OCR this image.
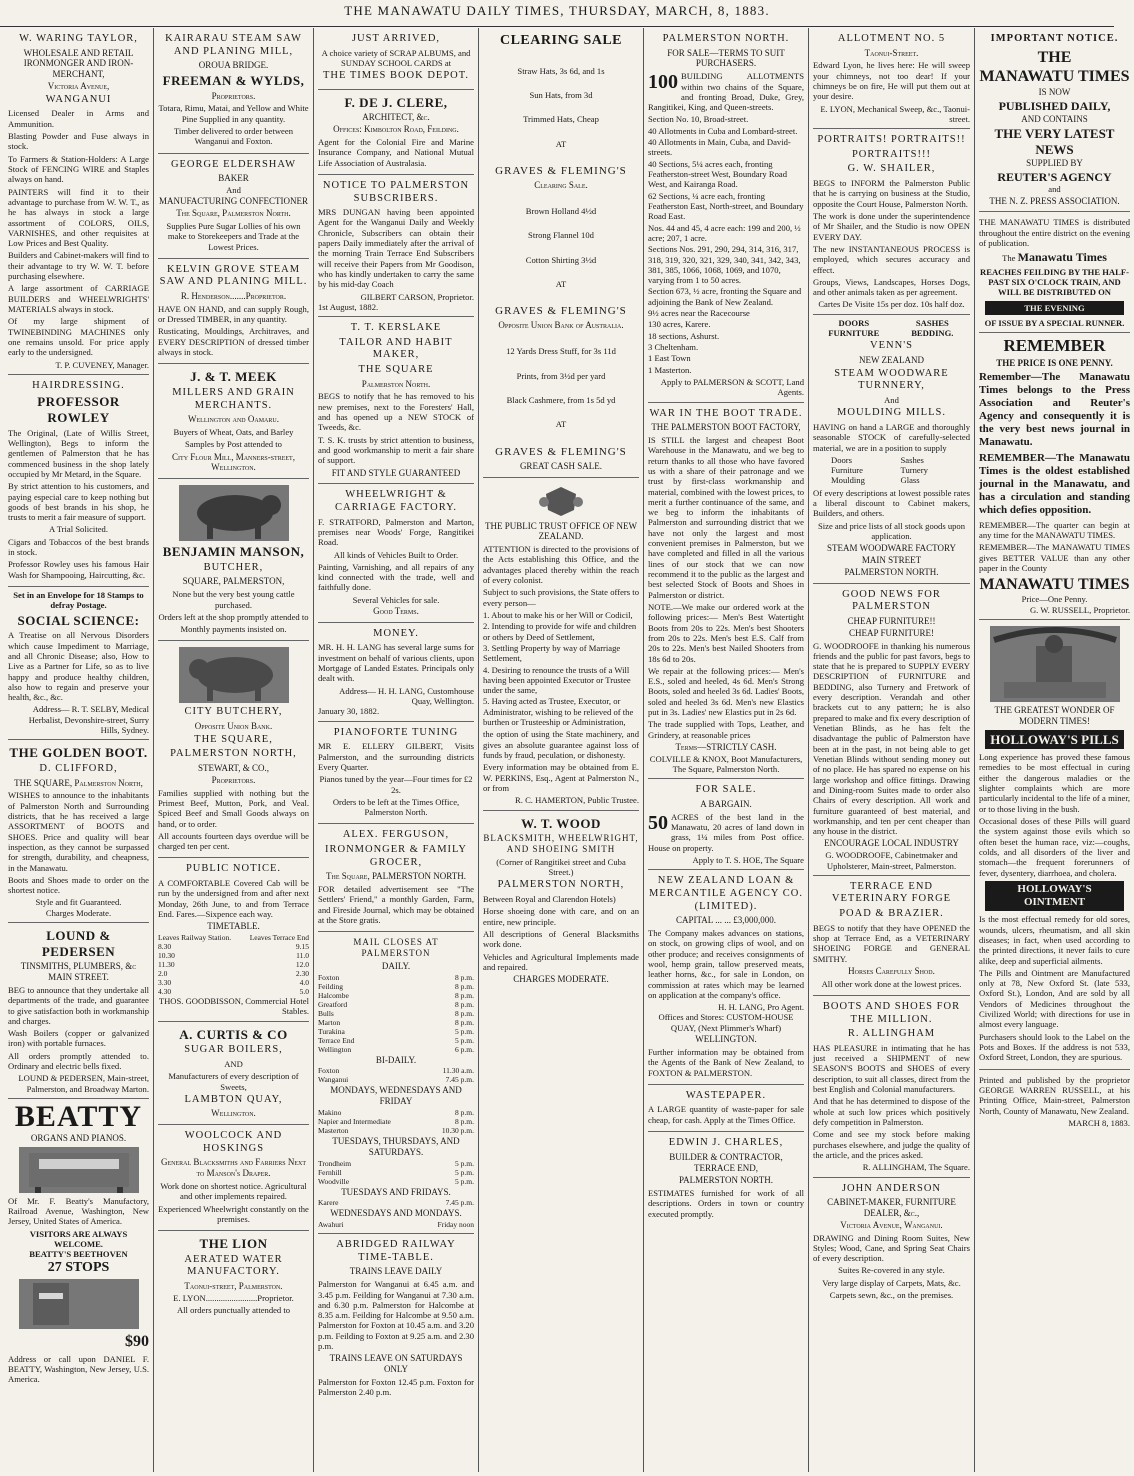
THE MANAWATU DAILY TIMES, THURSDAY, MARCH, 8, 1883.
W. WARING TAYLOR,
WHOLESALE AND RETAIL IRONMONGER AND IRON-MERCHANT,
Victoria Avenue,
WANGANUI

Licensed Dealer in Arms and Ammunition.

Blasting Powder and Fuse always in stock.

To Farmers & Station-Holders: A Large Stock of FENCING WIRE and Staples always on hand.

PAINTERS will find it to their advantage to purchase from W. W. T., as he has always in stock a large assortment of COLORS, OILS, VARNISHES, and other requisites at Low Prices and Best Quality.

Builders and Cabinet-makers will find to their advantage to try W. W. T. before purchasing elsewhere.

A large assortment of CARRIAGE BUILDERS and WHEELWRIGHTS' MATERIALS always in stock.

Of my large shipment of TWINEBINDING MACHINES only one remains unsold. For price apply early to the undersigned.

T. P. CUVENEY, Manager.
HAIRDRESSING.
PROFESSOR ROWLEY

The Original, (Late of Willis Street, Wellington), Begs to inform the gentlemen of Palmerston that he has commenced business in the shop lately occupied by Mr Metard, in the Square.

By strict attention to his customers, and paying especial care to keep nothing but goods of best brands in his shop, he trusts to merit a fair measure of support.

A Trial Solicited.

Cigars and Tobaccos of the best brands in stock.

Professor Rowley uses his famous Hair Wash for Shampooing, Haircutting, &c.

Set in an Envelope for 18 Stamps to defray Postage.
SOCIAL SCIENCE:

A Treatise on all Nervous Disorders which cause Impediment to Marriage, and all Chronic Disease; also, How to Live as a Partner for Life, so as to live happy and produce healthy children, also how to regain and preserve your health, &c., &c.

Address— R. T. SELBY, Medical Herbalist, Devonshire-street, Surry Hills, Sydney.
THE GOLDEN BOOT.
D. CLIFFORD,
THE SQUARE, Palmerston North,

WISHES to announce to the inhabitants of Palmerston North and Surrounding districts, that he has received a large ASSORTMENT of BOOTS and SHOES. Price and quality will bear inspection, as they cannot be surpassed for strength, durability, and cheapness, in the Manawatu.

Boots and Shoes made to order on the shortest notice.

Style and fit Guaranteed.
Charges Moderate.
LOUND & PEDERSEN
TINSMITHS, PLUMBERS, &c MAIN STREET.

BEG to announce that they undertake all departments of the trade, and guarantee to give satisfaction both in workmanship and charges.

Wash Boilers (copper or galvanized iron) with portable furnaces.

All orders promptly attended to. Ordinary and electric bells fixed.

LOUND & PEDERSEN, Main-street, Palmerston, and Broadway Marton.
BEATTY
ORGANS AND PIANOS.

Of Mr. F. Beatty's Manufactory, Railroad Avenue, Washington, New Jersey, United States of America.

VISITORS ARE ALWAYS WELCOME.
BEATTY'S BEETHOVEN
27 STOPS
$90

Address or call upon DANIEL F. BEATTY, Washington, New Jersey, U.S. America.

KAIRARAU STEAM SAW AND PLANING MILL,
OROUA BRIDGE.
FREEMAN & WYLDS,
Proprietors.

Totara, Rimu, Matai, and Yellow and White Pine Supplied in any quantity.

Timber delivered to order between Wanganui and Foxton.

GEORGE ELDERSHAW
BAKER
And
MANUFACTURING CONFECTIONER
The Square, Palmerston North.

Supplies Pure Sugar Lollies of his own make to Storekeepers and Trade at the Lowest Prices.

KELVIN GROVE STEAM SAW AND PLANING MILL.
R. Henderson.......Proprietor.

HAVE ON HAND, and can supply Rough, or Dressed TIMBER, in any quantity.

Rusticating, Mouldings, Architraves, and EVERY DESCRIPTION of dressed timber always in stock.

J. & T. MEEK
MILLERS AND GRAIN MERCHANTS.
Wellington and Oamaru.

Buyers of Wheat, Oats, and Barley

Samples by Post attended to

City Flour Mill, Manners-street, Wellington.
BENJAMIN MANSON,
BUTCHER,
SQUARE, PALMERSTON,

None but the very best young cattle purchased.

Orders left at the shop promptly attended to

Monthly payments insisted on.

CITY BUTCHERY,
Opposite Union Bank.
THE SQUARE,
PALMERSTON NORTH,
STEWART, & CO.,
Proprietors.

Families supplied with nothing but the Primest Beef, Mutton, Pork, and Veal. Spiced Beef and Small Goods always on hand, or to order.

All accounts fourteen days overdue will be charged ten per cent.

PUBLIC NOTICE.

A COMFORTABLE Covered Cab will be run by the undersigned from and after next Monday, 26th June, to and from Terrace End. Fares.—Sixpence each way.

TIMETABLE.
Leaves Railway Station. Leaves Terrace End
8.30	9.15
10.30	11.0
11.30	12.0
2.0	2.30
3.30	4.0
4.30	5.0
THOS. GOODBISSON, Commercial Hotel Stables.
A. CURTIS & CO
SUGAR BOILERS,
AND

Manufacturers of every description of Sweets,

LAMBTON QUAY,
Wellington.
WOOLCOCK AND HOSKINGS
General Blacksmiths and Farriers Next to Manson's Draper.

Work done on shortest notice. Agricultural and other implements repaired.

Experienced Wheelwright constantly on the premises.

THE LION
AERATED WATER MANUFACTORY.
Taonui-street, Palmerston.
E. LYON........................Proprietor.

All orders punctually attended to

JUST ARRIVED,

A choice variety of SCRAP ALBUMS, and SUNDAY SCHOOL CARDS at

THE TIMES BOOK DEPOT.
F. DE J. CLERE,
ARCHITECT, &c.
Offices: Kimbolton Road, Feilding.

Agent for the Colonial Fire and Marine Insurance Company, and National Mutual Life Association of Australasia.

NOTICE TO PALMERSTON SUBSCRIBERS.

MRS DUNGAN having been appointed Agent for the Wanganui Daily and Weekly Chronicle, Subscribers can obtain their papers Daily immediately after the arrival of the morning Train Terrace End Subscribers will receive their Papers from Mr Goodison, who has kindly undertaken to carry the same by his mid-day Coach

GILBERT CARSON, Proprietor.
1st August, 1882.
T. T. KERSLAKE
TAILOR AND HABIT MAKER,
THE SQUARE
Palmerston North.

BEGS to notify that he has removed to his new premises, next to the Foresters' Hall, and has opened up a NEW STOCK of Tweeds, &c.

T. S. K. trusts by strict attention to business, and good workmanship to merit a fair share of support.

FIT AND STYLE GUARANTEED
WHEELWRIGHT & CARRIAGE FACTORY.

F. STRATFORD, Palmerston and Marton, premises near Woods' Forge, Rangitikei Road.

All kinds of Vehicles Built to Order.

Painting, Varnishing, and all repairs of any kind connected with the trade, well and faithfully done.

Several Vehicles for sale.
Good Terms.
MONEY.

MR. H. H. LANG has several large sums for investment on behalf of various clients, upon Mortgage of Landed Estates. Principals only dealt with.

Address— H. H. LANG, Customhouse Quay, Wellington.
January 30, 1882.
PIANOFORTE TUNING

MR E. ELLERY GILBERT, Visits Palmerston, and the surrounding districts Every Quarter.

Pianos tuned by the year—Four times for £2 2s.

Orders to be left at the Times Office, Palmerston North.

ALEX. FERGUSON,
IRONMONGER & FAMILY GROCER,
The Square, PALMERSTON NORTH.

FOR detailed advertisement see "The Settlers' Friend," a monthly Garden, Farm, and Fireside Journal, which may be obtained at the Store gratis.

MAIL CLOSES AT PALMERSTON
DAILY.
Foxton	8 p.m.
Feilding	8 p.m.
Halcombe	8 p.m.
Greatford	8 p.m.
Bulls	8 p.m.
Marton	8 p.m.
Turakina	5 p.m.
Terrace End	5 p.m.
Wellington	6 p.m.
BI-DAILY.
Foxton	11.30 a.m.
Wanganui	7.45 p.m.
MONDAYS, WEDNESDAYS AND FRIDAY
Makino	8 p.m.
Napier and Intermediate	8 p.m.
Masterton	10.30 p.m.
TUESDAYS, THURSDAYS, AND SATURDAYS.
Trondheim	5 p.m.
Fernhill	5 p.m.
Woodville	5 p.m.
TUESDAYS AND FRIDAYS.
Karere	7.45 p.m.
WEDNESDAYS AND MONDAYS.
Awahuri	Friday noon
ABRIDGED RAILWAY TIME-TABLE.
TRAINS LEAVE DAILY

Palmerston for Wanganui at 6.45 a.m. and 3.45 p.m. Feilding for Wanganui at 7.30 a.m. and 6.30 p.m. Palmerston for Halcombe at 8.35 a.m. Feilding for Halcombe at 9.50 a.m. Palmerston for Foxton at 10.45 a.m. and 3.20 p.m. Feilding to Foxton at 9.25 a.m. and 2.30 p.m.

TRAINS LEAVE ON SATURDAYS ONLY

Palmerston for Foxton 12.45 p.m. Foxton for Palmerston 2.40 p.m.

CLEARING SALE
Straw Hats, 3s 6d, and 1s
Sun Hats, from 3d
Trimmed Hats, Cheap
AT
GRAVES & FLEMING'S
Clearing Sale.
Brown Holland 4½d
Strong Flannel 10d
Cotton Shirting 3½d
AT
GRAVES & FLEMING'S
Opposite Union Bank of Australia.
12 Yards Dress Stuff, for 3s 11d
Prints, from 3½d per yard
Black Cashmere, from 1s 5d yd
AT
GRAVES & FLEMING'S
GREAT CASH SALE.
THE PUBLIC TRUST OFFICE OF NEW ZEALAND.

ATTENTION is directed to the provisions of the Acts establishing this Office, and the advantages placed thereby within the reach of every colonist.

Subject to such provisions, the State offers to every person—

1. About to make his or her Will or Codicil,
2. Intending to provide for wife and children or others by Deed of Settlement,
3. Settling Property by way of Marriage Settlement,
4. Desiring to renounce the trusts of a Will having been appointed Executor or Trustee under the same,
5. Having acted as Trustee, Executor, or Administrator, wishing to be relieved of the burthen or Trusteeship or Administration,

the option of using the State machinery, and gives an absolute guarantee against loss of funds by fraud, peculation, or dishonesty.

Every information may be obtained from E. W. PERKINS, Esq., Agent at Palmerston N., or from

R. C. HAMERTON, Public Trustee.
W. T. WOOD
BLACKSMITH, WHEELWRIGHT, AND SHOEING SMITH
(Corner of Rangitikei street and Cuba Street.)
PALMERSTON NORTH,

Between Royal and Clarendon Hotels)

Horse shoeing done with care, and on an entire, new principle.

All descriptions of General Blacksmiths work done.

Vehicles and Agricultural Implements made and repaired.

CHARGES MODERATE.
PALMERSTON NORTH.
FOR SALE—TERMS TO SUIT PURCHASERS.
100 BUILDING ALLOTMENTS within two chains of the Square, and fronting Broad, Duke, Grey, Rangitikei, King, and Queen-streets.

Section No. 10, Broad-street.
40 Allotments in Cuba and Lombard-street.
40 Allotments in Main, Cuba, and David-streets.
40 Sections, 5¼ acres each, fronting Featherston-street West, Boundary Road West, and Kairanga Road.
62 Sections, ¼ acre each, fronting Featherston East, North-street, and Boundary Road East.
Nos. 44 and 45, 4 acre each: 199 and 200, ½ acre; 207, 1 acre.
Sections Nos. 291, 290, 294, 314, 316, 317, 318, 319, 320, 321, 329, 340, 341, 342, 343, 381, 385, 1066, 1068, 1069, and 1070, varying from 1 to 50 acres.
Section 673, ½ acre, fronting the Square and adjoining the Bank of New Zealand.
9½ acres near the Racecourse
130 acres, Karere.
18 sections, Ashurst.
3 Cheltenham.
1 East Town
1 Masterton.
Apply to PALMERSON & SCOTT, Land Agents.
WAR IN THE BOOT TRADE.
THE PALMERSTON BOOT FACTORY,

IS STILL the largest and cheapest Boot Warehouse in the Manawatu, and we beg to return thanks to all those who have favored us with a share of their patronage and we trust by first-class workmanship and material, combined with the lowest prices, to merit a further continuance of the same, and we beg to inform the inhabitants of Palmerston and surrounding district that we have not only the largest and most convenient premises in Palmerston, but we have completed and filled in all the various lines of our stock that we can now recommend it to the public as the largest and best selected Stock of Boots and Shoes in Palmerston or district.

NOTE.—We make our ordered work at the following prices:— Men's Best Watertight Boots from 20s to 22s. Men's best Shooters from 20s to 22s. Men's best E.S. Calf from 20s to 22s. Men's best Nailed Shooters from 18s 6d to 20s.

We repair at the following prices:— Men's E.S., soled and heeled, 4s 6d. Men's Strong Boots, soled and heeled 3s 6d. Ladies' Boots, soled and heeled 3s 6d. Men's new Elastics put in 3s. Ladies' new Elastics put in 2s 6d.

The trade supplied with Tops, Leather, and Grindery, at reasonable prices

Terms—STRICTLY CASH.
COLVILLE & KNOX, Boot Manufacturers, The Square, Palmerston North.
FOR SALE.
A BARGAIN.
50 ACRES of the best land in the Manawatu, 20 acres of land down in grass, 1¼ miles from Post office. House on property.

Apply to T. S. HOE, The Square
NEW ZEALAND LOAN & MERCANTILE AGENCY CO. (LIMITED).
CAPITAL ... ... £3,000,000.

The Company makes advances on stations, on stock, on growing clips of wool, and on other produce; and receives consignments of wool, hemp grain, tallow preserved meats, leather horns, &c., for sale in London, on commission at rates which may be learned on application at the company's office.

H. H. LANG, Pro Agent.
Offices and Stores: CUSTOM-HOUSE QUAY, (Next Plimmer's Wharf)
WELLINGTON.

Further information may be obtained from the Agents of the Bank of New Zealand, to FOXTON & PALMERSTON.

WASTEPAPER.

A LARGE quantity of waste-paper for sale cheap, for cash. Apply at the Times Office.

EDWIN J. CHARLES,
BUILDER & CONTRACTOR,
TERRACE END,
PALMERSTON NORTH.

ESTIMATES furnished for work of all descriptions. Orders in town or country executed promptly.

ALLOTMENT NO. 5
Taonui-Street.

Edward Lyon, he lives here: He will sweep your chimneys, not too dear! If your chimneys be on fire, He will put them out at your desire.

E. LYON, Mechanical Sweep, &c., Taonui-street.
PORTRAITS! PORTRAITS!!
PORTRAITS!!!
G. W. SHAILER,

BEGS to INFORM the Palmerston Public that he is carrying on business at the Studio, opposite the Court House, Palmerston North.

The work is done under the superintendence of Mr Shailer, and the Studio is now OPEN EVERY DAY.

The new INSTANTANEOUS PROCESS is employed, which secures accuracy and effect.

Groups, Views, Landscapes, Horses Dogs, and other animals taken as per agreement.

Cartes De Visite 15s per doz. 10s half doz.
DOORS FURNITURE
SASHES BEDDING.
VENN'S
NEW ZEALAND
STEAM WOODWARE TURNNERY,
And
MOULDING MILLS.

HAVING on hand a LARGE and thoroughly seasonable STOCK of carefully-selected material, we are in a position to supply

Doors	Sashes
Furniture	Turnery
Moulding	Glass

Of every descriptions at lowest possible rates a liberal discount to Cabinet makers, Builders, and others.

Size and price lists of all stock goods upon application.

STEAM WOODWARE FACTORY
MAIN STREET
PALMERSTON NORTH.
GOOD NEWS FOR PALMERSTON
CHEAP FURNITURE!!
CHEAP FURNITURE!

G. WOODROOFE in thanking his numerous friends and the public for past favors, begs to state that he is prepared to SUPPLY EVERY DESCRIPTION of FURNITURE and BEDDING, also Turnery and Fretwork of every description. Verandah and other brackets cut to any pattern; he is also prepared to make and fix every description of Venetian Blinds, as he has felt the disadvantage the public of Palmerston have been at in the past, in not being able to get Venetian Blinds without sending money out of no place. He has spared no expense on his large workshop and office fittings. Drawing and Dining-room Suites made to order also Chairs of every description. All work and furniture guaranteed of best material, and workmanship, and ten per cent cheaper than any house in the district.

ENCOURAGE LOCAL INDUSTRY
G. WOODROOFE, Cabinetmaker and Upholsterer, Main-street, Palmerston.
TERRACE END VETERINARY FORGE
POAD & BRAZIER.

BEGS to notify that they have OPENED the shop at Terrace End, as a VETERINARY SHOEING FORGE and GENERAL SMITHY.

Horses Carefully Shod.

All other work done at the lowest prices.

BOOTS AND SHOES FOR THE MILLION.
R. ALLINGHAM

HAS PLEASURE in intimating that he has just received a SHIPMENT of new SEASON'S BOOTS and SHOES of every description, to suit all classes, direct from the best English and Colonial manufacturers.

And that he has determined to dispose of the whole at such low prices which positively defy competition in Palmerston.

Come and see my stock before making purchases elsewhere, and judge the quality of the article, and the prices asked.

R. ALLINGHAM, The Square.
JOHN ANDERSON
CABINET-MAKER, FURNITURE DEALER, &c.,
Victoria Avenue, Wanganui.

DRAWING and Dining Room Suites, New Styles; Wood, Cane, and Spring Seat Chairs of every description.

Suites Re-covered in any style.

Very large display of Carpets, Mats, &c.

Carpets sewn, &c., on the premises.

IMPORTANT NOTICE.
THE
MANAWATU TIMES
IS NOW
PUBLISHED DAILY,
AND CONTAINS
THE VERY LATEST NEWS
SUPPLIED BY
REUTER'S AGENCY
and
THE N. Z. PRESS ASSOCIATION.

THE MANAWATU TIMES is distributed throughout the entire district on the evening of publication.

The Manawatu Times

REACHES FEILDING BY THE HALF-PAST SIX O'CLOCK TRAIN, AND WILL BE DISTRIBUTED ON

THE EVENING
OF ISSUE BY A SPECIAL RUNNER.
REMEMBER
THE PRICE IS ONE PENNY.

Remember—The Manawatu Times belongs to the Press Association and Reuter's Agency and consequently it is the very best news journal in Manawatu.

REMEMBER—The Manawatu Times is the oldest established journal in the Manawatu, and has a circulation and standing which defies opposition.

REMEMBER—The quarter can begin at any time for the MANAWATU TIMES.

REMEMBER—The MANAWATU TIMES gives BETTER VALUE than any other paper in the County

MANAWATU TIMES
Price—One Penny.
G. W. RUSSELL, Proprietor.
THE GREATEST WONDER OF MODERN TIMES!
HOLLOWAY'S PILLS

Long experience has proved these famous remedies to be most effectual in curing either the dangerous maladies or the slighter complaints which are more particularly incidental to the life of a miner, or to those living in the bush.

Occasional doses of these Pills will guard the system against those evils which so often beset the human race, viz:—coughs, colds, and all disorders of the liver and stomach—the frequent forerunners of fever, dysentery, diarrhoea, and cholera.

HOLLOWAY'S OINTMENT

Is the most effectual remedy for old sores, wounds, ulcers, rheumatism, and all skin diseases; in fact, when used according to the printed directions, it never fails to cure alike, deep and superficial ailments.

The Pills and Ointment are Manufactured only at 78, New Oxford St. (late 533, Oxford St.), London, And are sold by all Vendors of Medicines throughout the Civilized World; with directions for use in almost every language.

Purchasers should look to the Label on the Pots and Boxes. If the address is not 533, Oxford Street, London, they are spurious.

Printed and published by the proprietor GEORGE WARREN RUSSELL, at his Printing Office, Main-street, Palmerston North, County of Manawatu, New Zealand.

MARCH 8, 1883.
